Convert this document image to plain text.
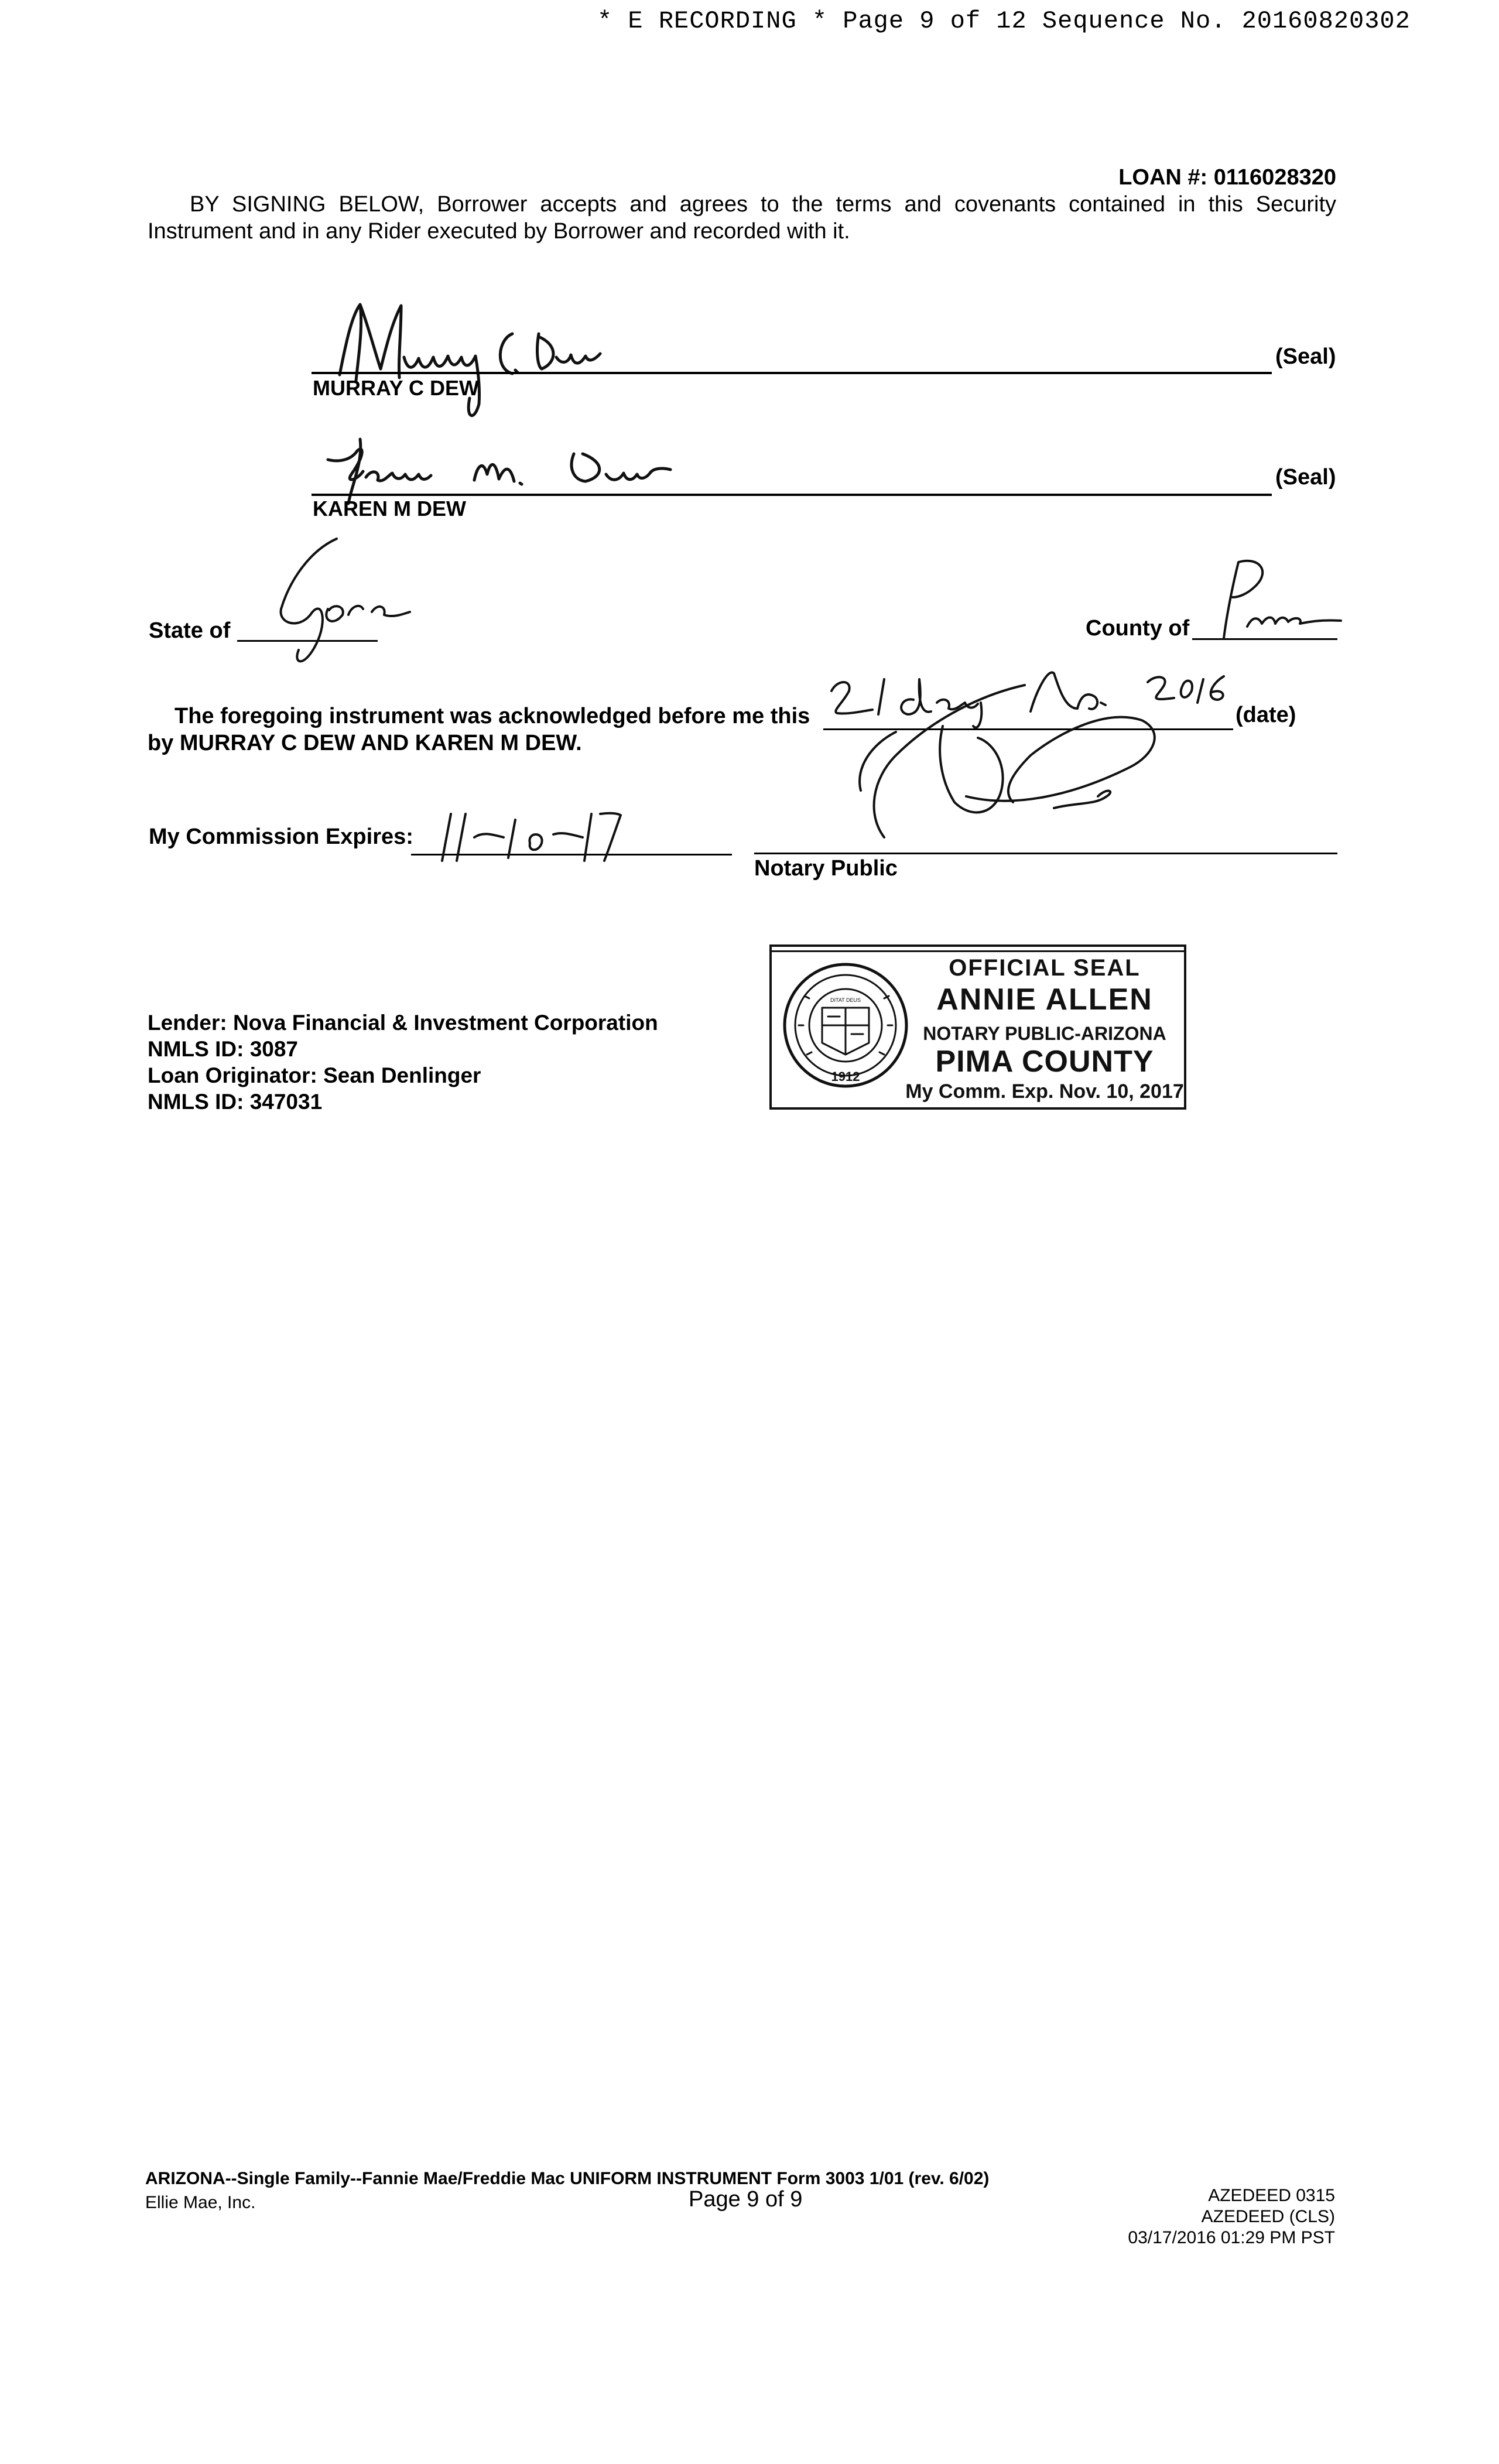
* E RECORDING * Page 9 of 12 Sequence No. 20160820302
LOAN #: 0116028320
BY SIGNING BELOW, Borrower accepts and agrees to the terms and covenants contained in this Security Instrument and in any Rider executed by Borrower and recorded with it.
(Seal)
MURRAY C DEW
(Seal)
KAREN M DEW
State of	County of
The foregoing instrument was acknowledged before me this
by MURRAY C DEW AND KAREN M DEW.
(date)
My Commission Expires:
Notary Public
DITAT DEUS
1912
OFFICIAL SEAL
ANNIE ALLEN
NOTARY PUBLIC-ARIZONA
PIMA COUNTY
My Comm. Exp. Nov. 10, 2017
Lender: Nova Financial & Investment Corporation
NMLS ID: 3087
Loan Originator: Sean Denlinger
NMLS ID: 347031
ARIZONA--Single Family--Fannie Mae/Freddie Mac UNIFORM INSTRUMENT Form 3003 1/01 (rev. 6/02)
Ellie Mae, Inc.	Page 9 of 9	AZEDEED 0315
AZEDEED (CLS)
03/17/2016 01:29 PM PST
